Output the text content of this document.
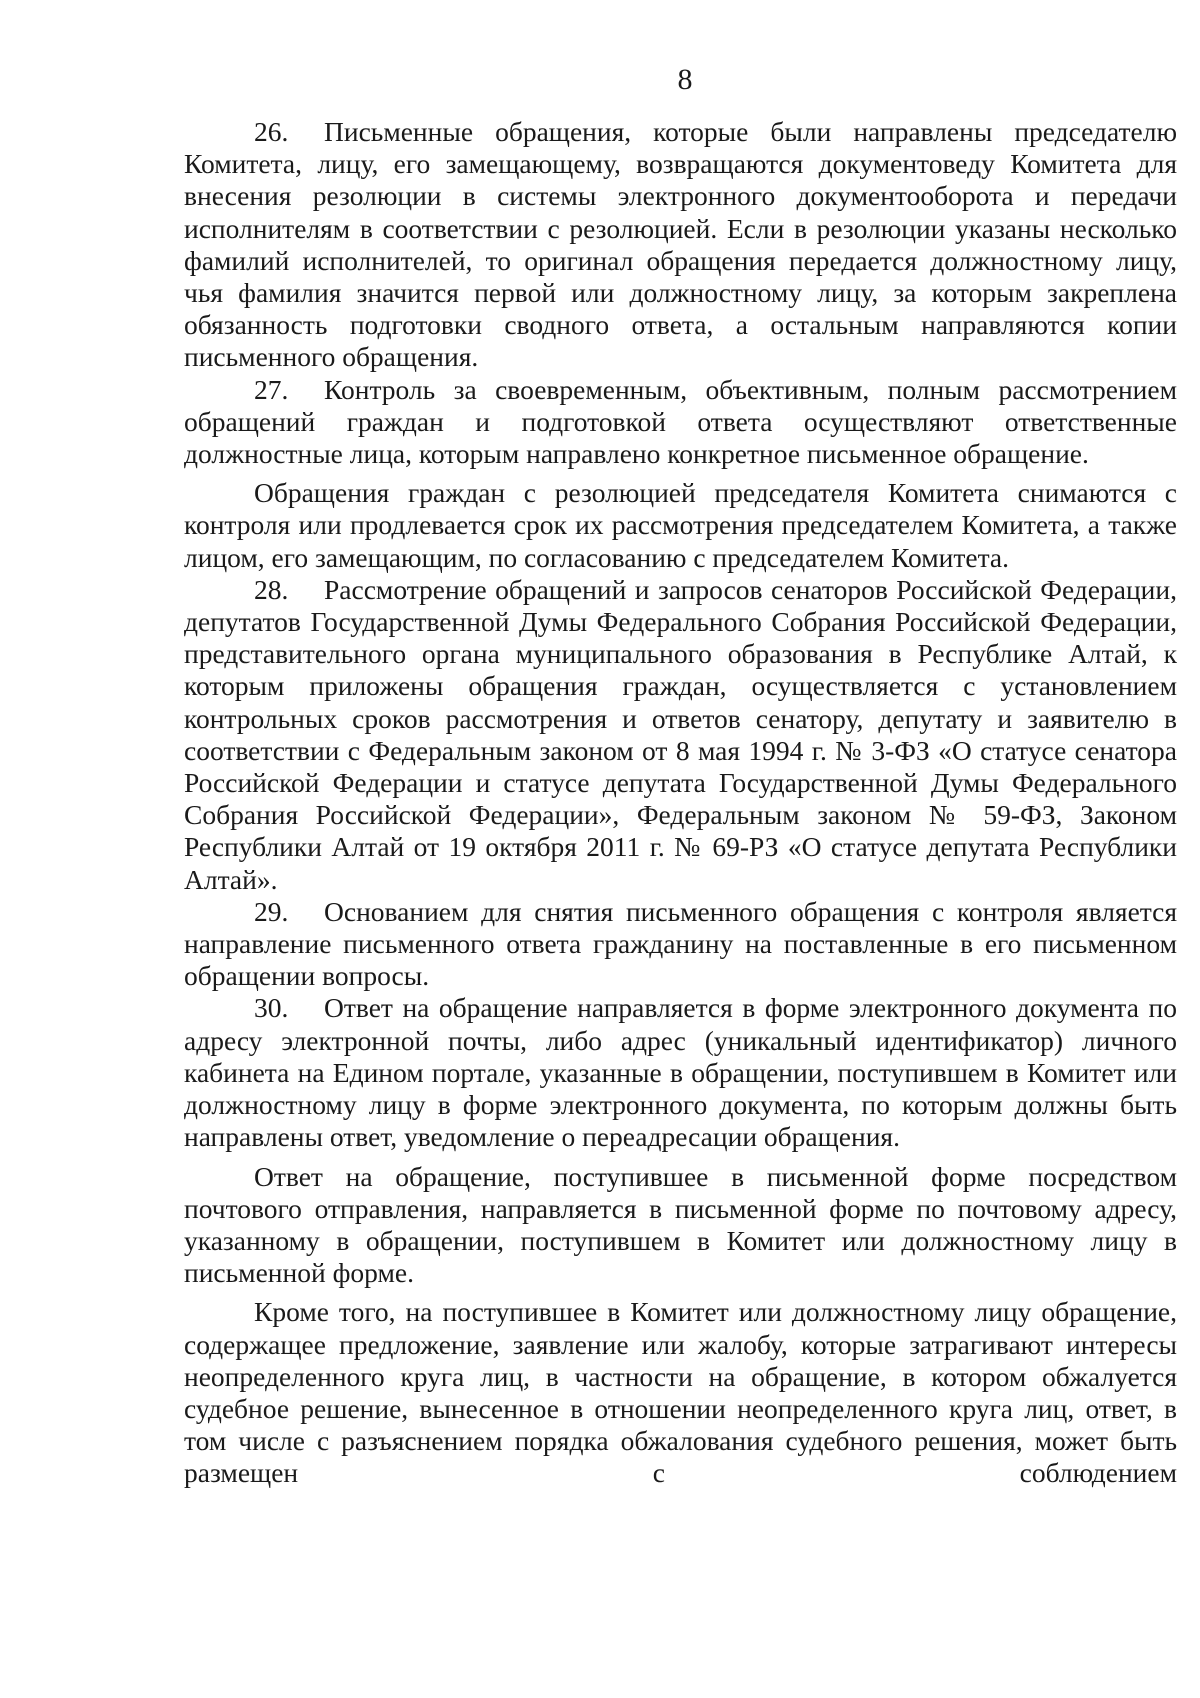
8

26. Письменные обращения, которые были направлены председателю Комитета, лицу, его замещающему, возвращаются документоведу Комитета для внесения резолюции в системы электронного документооборота и передачи исполнителям в соответствии с резолюцией. Если в резолюции указаны несколько фамилий исполнителей, то оригинал обращения передается должностному лицу, чья фамилия значится первой или должностному лицу, за которым закреплена обязанность подготовки сводного ответа, а остальным направляются копии письменного обращения.

27. Контроль за своевременным, объективным, полным рассмотрением обращений граждан и подготовкой ответа осуществляют ответственные должностные лица, которым направлено конкретное письменное обращение.

Обращения граждан с резолюцией председателя Комитета снимаются с контроля или продлевается срок их рассмотрения председателем Комитета, а также лицом, его замещающим, по согласованию с председателем Комитета.

28. Рассмотрение обращений и запросов сенаторов Российской Федерации, депутатов Государственной Думы Федерального Собрания Российской Федерации, представительного органа муниципального образования в Республике Алтай, к которым приложены обращения граждан, осуществляется с установлением контрольных сроков рассмотрения и ответов сенатору, депутату и заявителю в соответствии с Федеральным законом от 8 мая 1994 г. № 3-ФЗ «О статусе сенатора Российской Федерации и статусе депутата Государственной Думы Федерального Собрания Российской Федерации», Федеральным законом № 59-ФЗ, Законом Республики Алтай от 19 октября 2011 г. № 69-РЗ «О статусе депутата Республики Алтай».

29. Основанием для снятия письменного обращения с контроля является направление письменного ответа гражданину на поставленные в его письменном обращении вопросы.

30. Ответ на обращение направляется в форме электронного документа по адресу электронной почты, либо адрес (уникальный идентификатор) личного кабинета на Едином портале, указанные в обращении, поступившем в Комитет или должностному лицу в форме электронного документа, по которым должны быть направлены ответ, уведомление о переадресации обращения.

Ответ на обращение, поступившее в письменной форме посредством почтового отправления, направляется в письменной форме по почтовому адресу, указанному в обращении, поступившем в Комитет или должностному лицу в письменной форме.

Кроме того, на поступившее в Комитет или должностному лицу обращение, содержащее предложение, заявление или жалобу, которые затрагивают интересы неопределенного круга лиц, в частности на обращение, в котором обжалуется судебное решение, вынесенное в отношении неопределенного круга лиц, ответ, в том числе с разъяснением порядка обжалования судебного решения, может быть размещен с соблюдением
